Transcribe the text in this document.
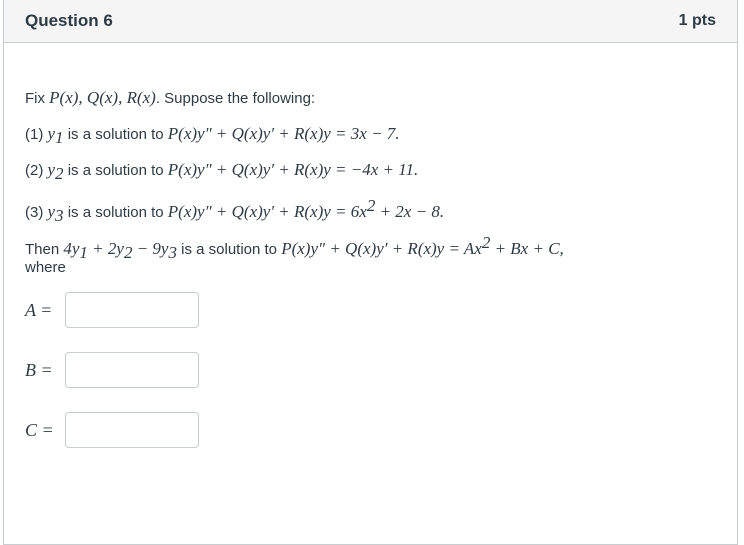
Question 6	1 pts
Fix P(x), Q(x), R(x). Suppose the following:
(1) $y_1$ is a solution to P(x)y″ + Q(x)y′ + R(x)y = 3x − 7.
(2) $y_2$ is a solution to P(x)y″ + Q(x)y′ + R(x)y = −4x + 11.
(3) $y_3$ is a solution to $P(x)y'' + Q(x)y' + R(x)y = 6x^2 + 2x - 8$.
Then $4y_1 + 2y_2 - 9y_3$ is a solution to $P(x)y'' + Q(x)y' + R(x)y = Ax^2 + Bx + C$,
where
A =
B =
C =
